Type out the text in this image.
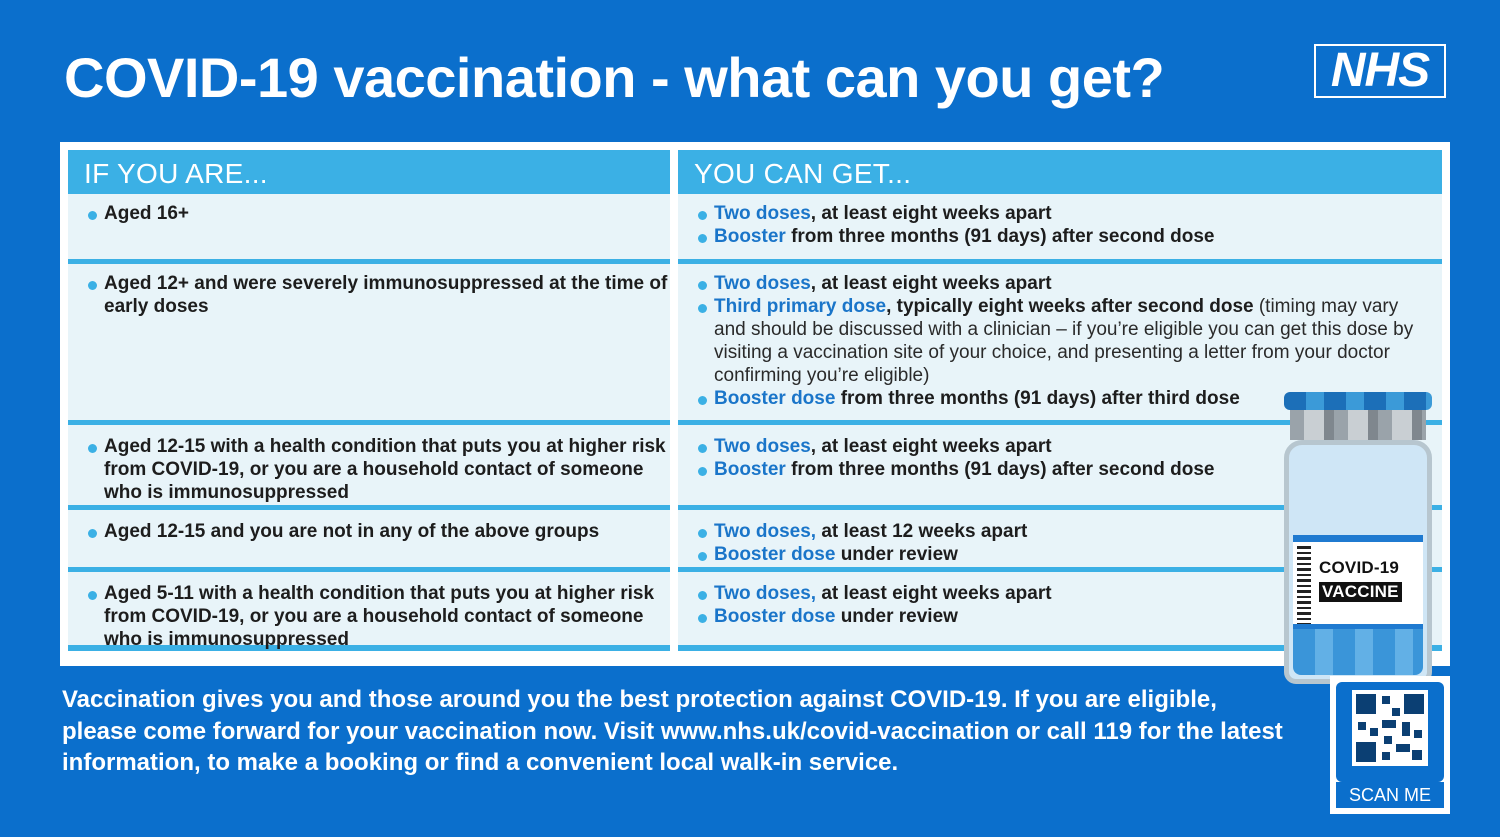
COVID-19 vaccination - what can you get?	NHS
IF YOU ARE...
Aged 16+
Aged 12+ and were severely immunosuppressed at the time of early doses
Aged 12-15 with a health condition that puts you at higher risk from COVID-19, or you are a household contact of someone who is immunosuppressed
Aged 12-15 and you are not in any of the above groups
Aged 5-11 with a health condition that puts you at higher risk from COVID-19, or you are a household contact of someone who is immunosuppressed
YOU CAN GET...
Two doses, at least eight weeks apart
Booster from three months (91 days) after second dose
Two doses, at least eight weeks apart
Third primary dose, typically eight weeks after second dose (timing may vary and should be discussed with a clinician – if you’re eligible you can get this dose by visiting a vaccination site of your choice, and presenting a letter from your doctor confirming you’re eligible)
Booster dose from three months (91 days) after third dose
Two doses, at least eight weeks apart
Booster from three months (91 days) after second dose
Two doses, at least 12 weeks apart
Booster dose under review
Two doses, at least eight weeks apart
Booster dose under review
COVID-19
VACCINE

Vaccination gives you and those around you the best protection against COVID-19. If you are eligible, please come forward for your vaccination now. Visit www.nhs.uk/covid-vaccination or call 119 for the latest information, to make a booking or find a convenient local walk-in service.

SCAN ME
